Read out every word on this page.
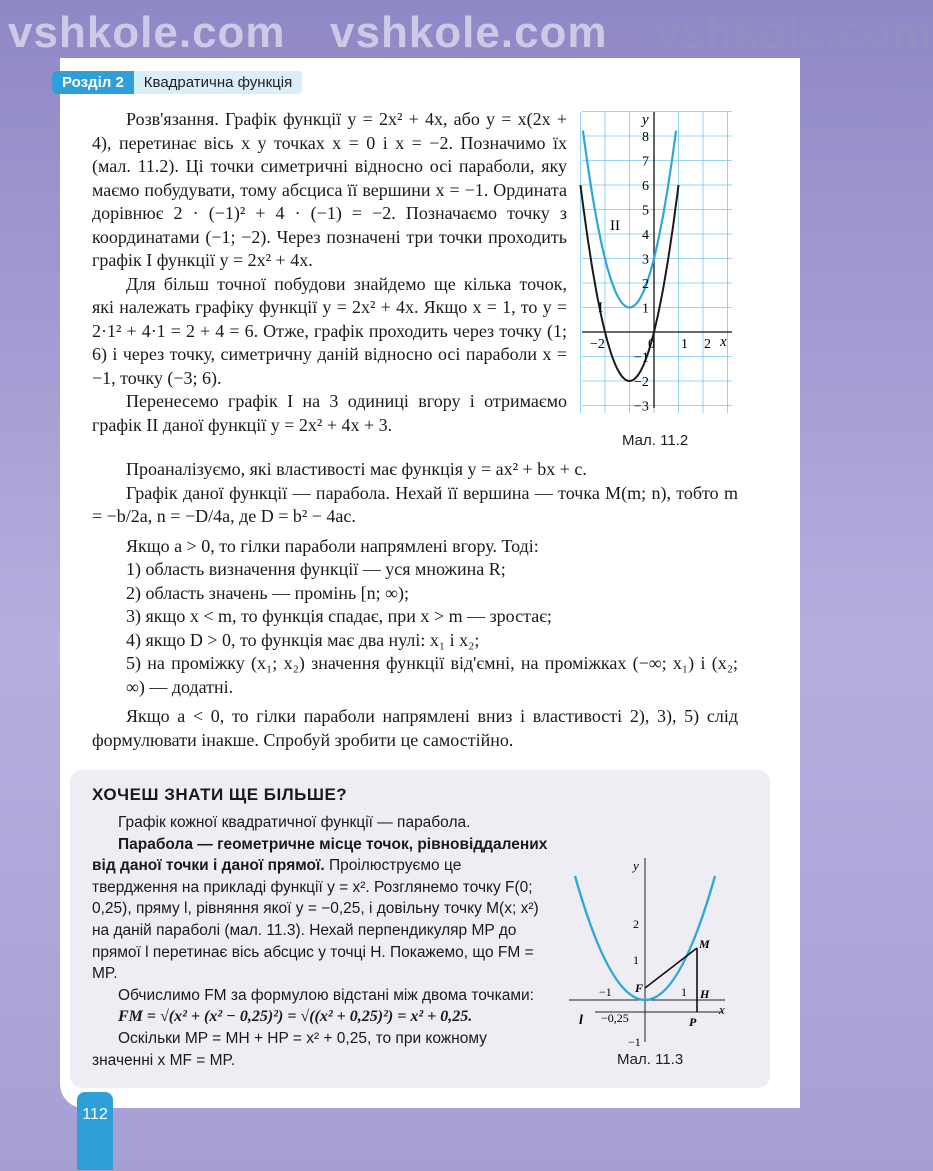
vshkole.com vshkole.com vshkole.com
Розділ 2	Квадратична функція

Розв'язання. Графік функції y = 2x² + 4x, або y = x(2x + 4), перетинає вісь x у точках x = 0 і x = −2. Позначимо їх (мал. 11.2). Ці точки симетричні відносно осі параболи, яку маємо побудувати, тому абсциса її вершини x = −1. Ордината дорівнює 2 · (−1)² + 4 · (−1) = −2. Позначаємо точку з координатами (−1; −2). Через позначені три точки проходить графік I функції y = 2x² + 4x.

Для більш точної побудови знайдемо ще кілька точок, які належать графіку функції y = 2x² + 4x. Якщо x = 1, то y = 2·1² + 4·1 = 2 + 4 = 6. Отже, графік проходить через точку (1; 6) і через точку, симетричну даній відносно осі параболи x = −1, точку (−3; 6).

Перенесемо графік I на 3 одиниці вгору і отримаємо графік II даної функції y = 2x² + 4x + 3.

Проаналізуємо, які властивості має функція y = ax² + bx + c.

Графік даної функції — парабола. Нехай її вершина — точка M(m; n), тобто m = −b/2a, n = −D/4a, де D = b² − 4ac.

Якщо a > 0, то гілки параболи напрямлені вгору. Тоді:

1) область визначення функції — уся множина R;

2) область значень — промінь [n; ∞);

3) якщо x < m, то функція спадає, при x > m — зростає;

4) якщо D > 0, то функція має два нулі: x₁ і x₂;

5) на проміжку (x₁; x₂) значення функції від'ємні, на проміжках (−∞; x₁) і (x₂; ∞) — додатні.

Якщо a < 0, то гілки параболи напрямлені вниз і властивості 2), 3), 5) слід формулювати інакше. Спробуй зробити це самостійно.

y
x
I
II
−2	0 1 2
8
7
6
5
4
3
2
1
−1
−2
−3
Мал. 11.2
ХОЧЕШ ЗНАТИ ЩЕ БІЛЬШЕ?

Графік кожної квадратичної функції — парабола.

Парабола — геометричне місце точок, рівновіддалених від даної точки і даної прямої. Проілюструємо це твердження на прикладі функції y = x². Розглянемо точку F(0; 0,25), пряму l, рівняння якої y = −0,25, і довільну точку M(x; x²) на даній параболі (мал. 11.3). Нехай перпендикуляр MP до прямої l перетинає вісь абсцис у точці H. Покажемо, що FM = MP.

Обчислимо FM за формулою відстані між двома точками:

FM = √(x² + (x² − 0,25)²) = √((x² + 0,25)²) = x² + 0,25.

Оскільки MP = MH + HP = x² + 0,25, то при кожному значенні x MF = MP.

y
x
1
2
−1	1
−1
−0,25
F
M
H
P
l
Мал. 11.3
112
